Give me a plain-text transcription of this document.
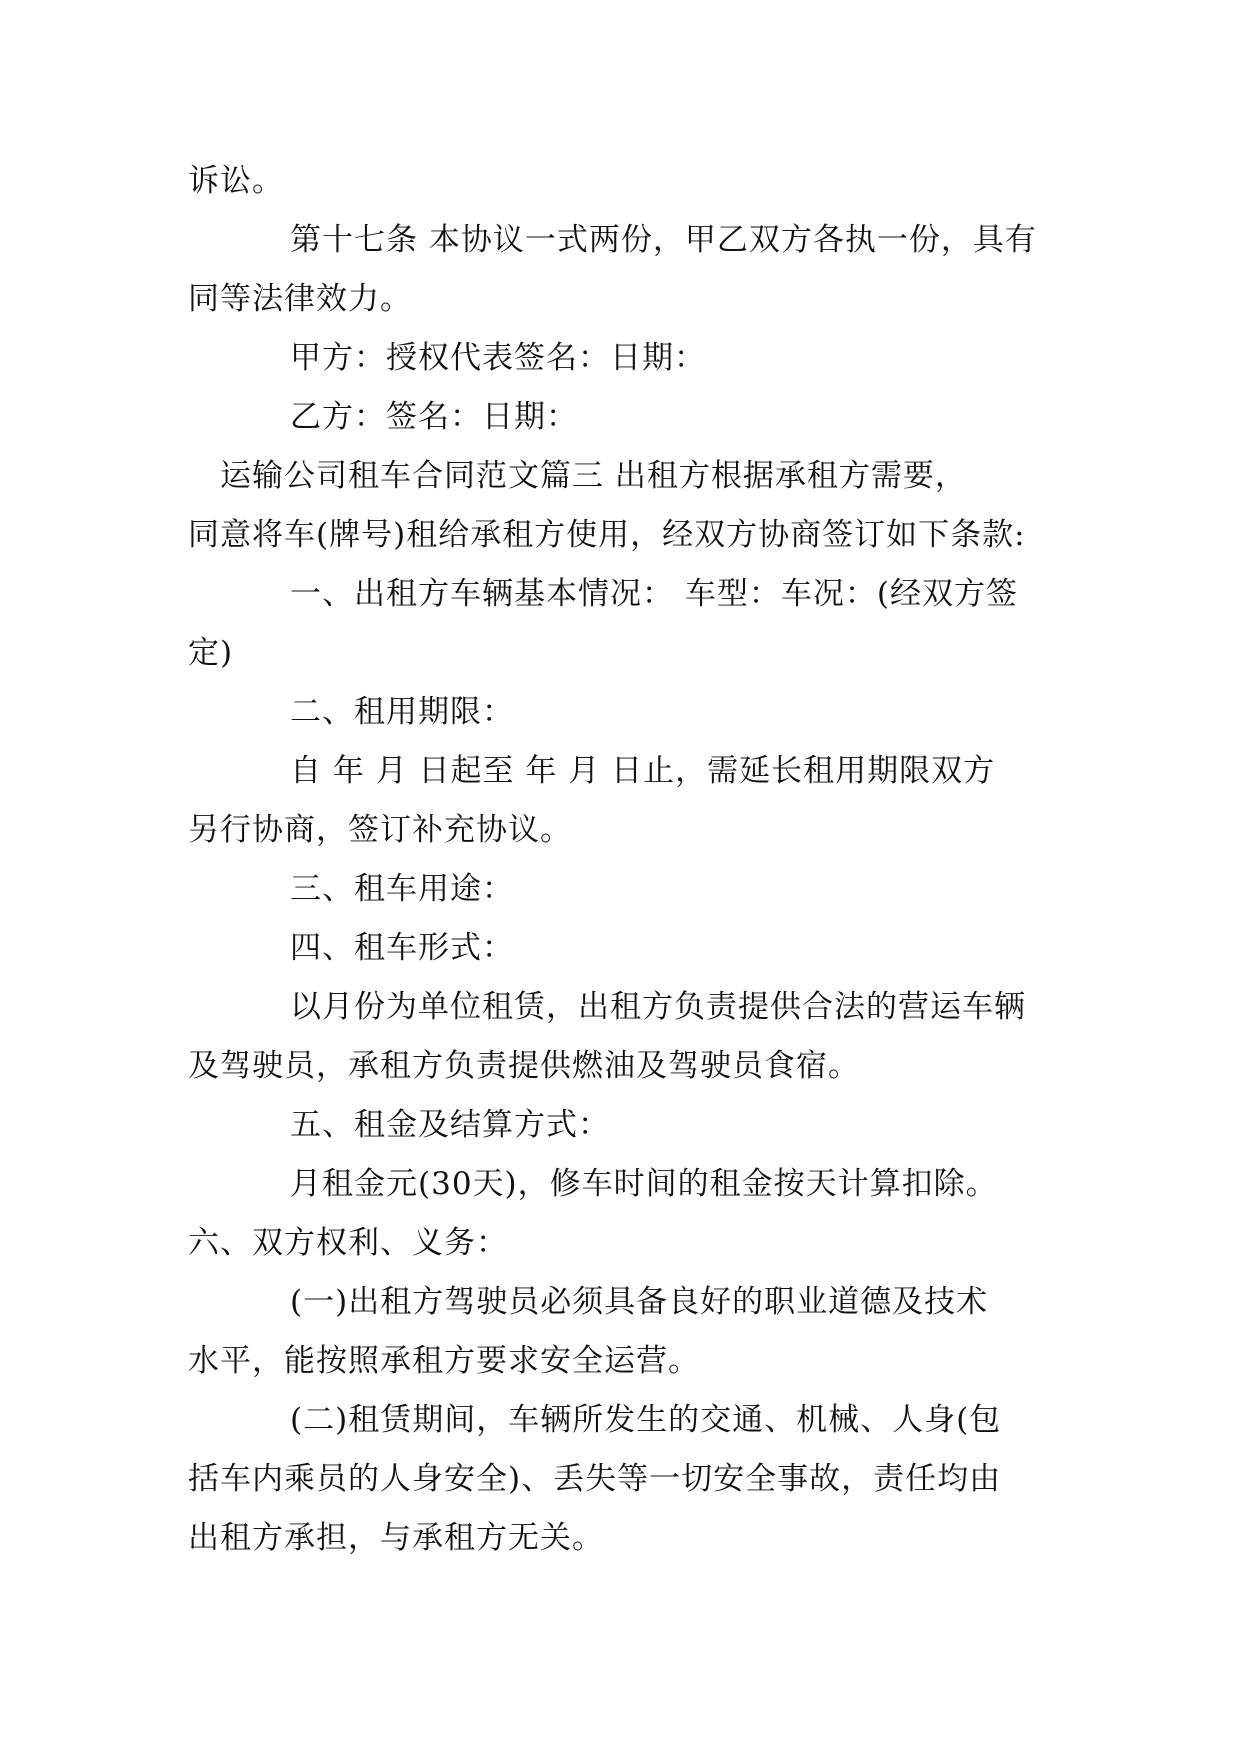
诉讼。
第十七条 本协议一式两份，甲乙双方各执一份，具有
同等法律效力。
甲方：授权代表签名：日期：
乙方：签名：日期：
运输公司租车合同范文篇三 出租方根据承租方需要，
同意将车(牌号)租给承租方使用，经双方协商签订如下条款:
一、出租方车辆基本情况： 车型：车况：(经双方签
定)
二、租用期限：
自 年 月 日起至 年 月 日止，需延长租用期限双方
另行协商，签订补充协议。
三、租车用途：
四、租车形式：
以月份为单位租赁，出租方负责提供合法的营运车辆
及驾驶员，承租方负责提供燃油及驾驶员食宿。
五、租金及结算方式：
月租金元(30天)，修车时间的租金按天计算扣除。
六、双方权利、义务：
(一)出租方驾驶员必须具备良好的职业道德及技术
水平，能按照承租方要求安全运营。
(二)租赁期间，车辆所发生的交通、机械、人身(包
括车内乘员的人身安全)、丢失等一切安全事故，责任均由
出租方承担，与承租方无关。
